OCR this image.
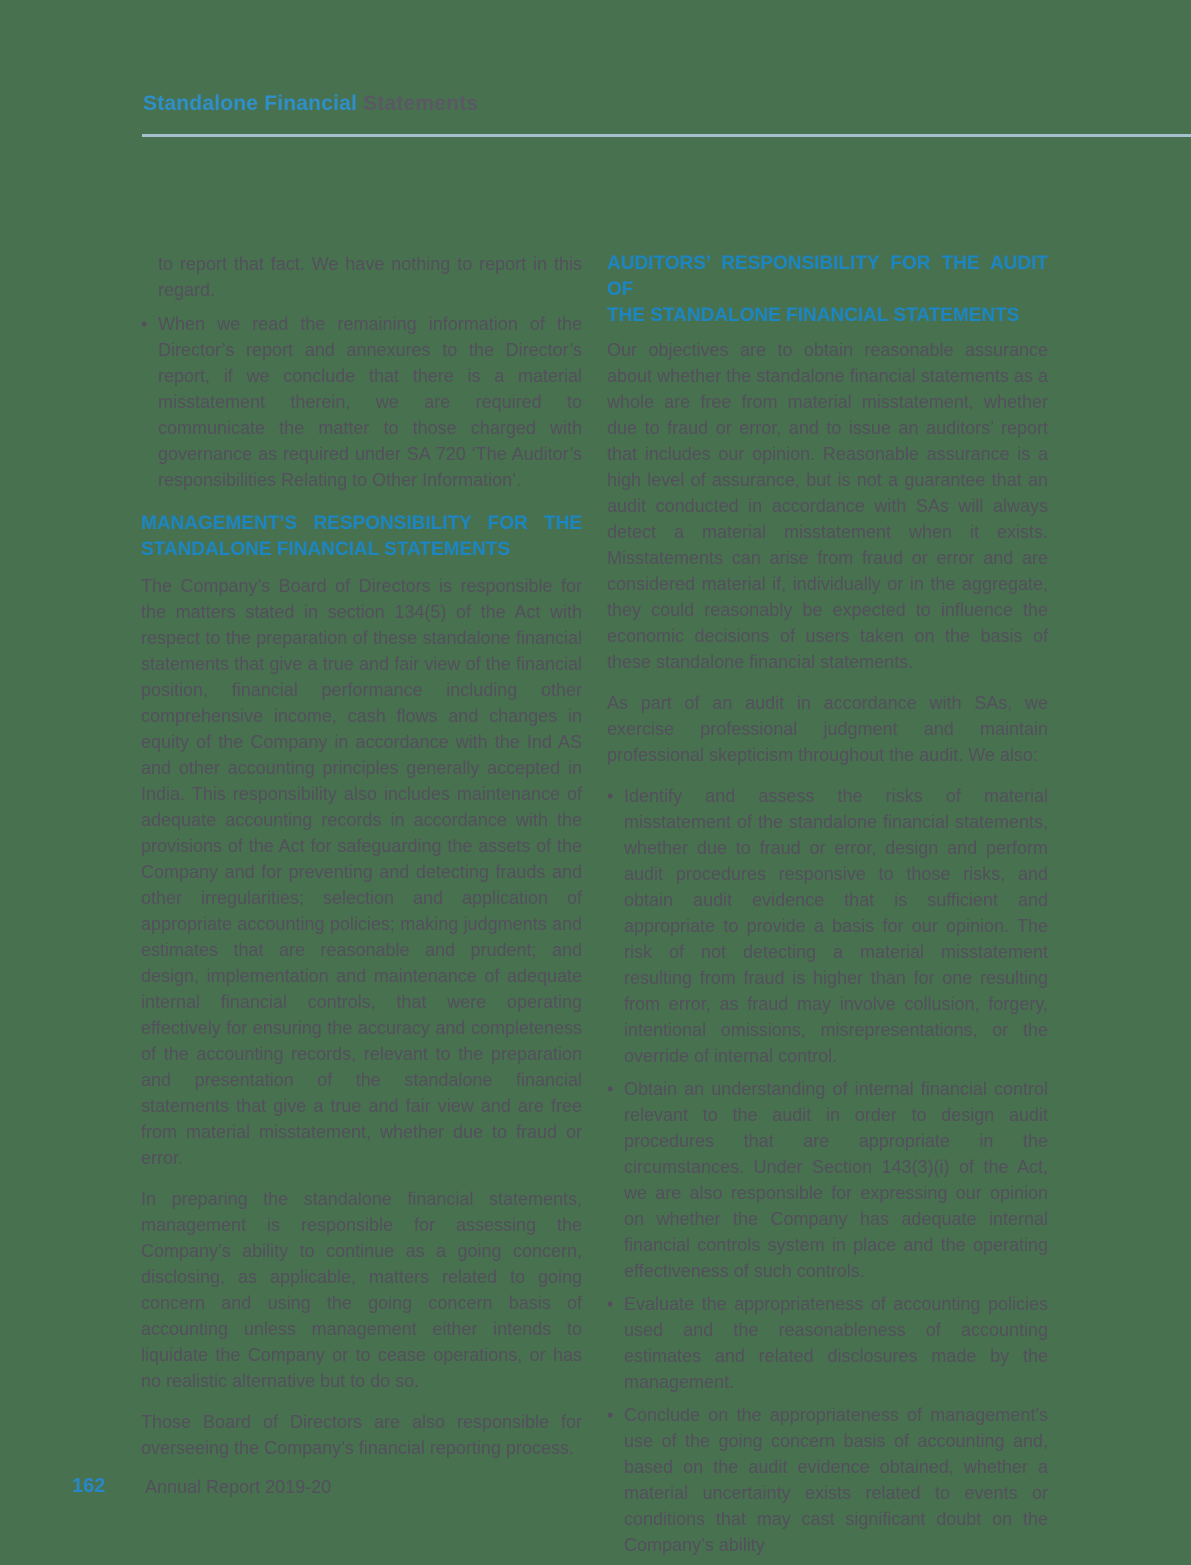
Standalone Financial Statements

to report that fact. We have nothing to report in this regard.

• When we read the remaining information of the Director’s report and annexures to the Director’s report, if we conclude that there is a material misstatement therein, we are required to communicate the matter to those charged with governance as required under SA 720 ‘The Auditor’s responsibilities Relating to Other Information’.
MANAGEMENT’S RESPONSIBILITY FOR THE
STANDALONE FINANCIAL STATEMENTS

The Company’s Board of Directors is responsible for the matters stated in section 134(5) of the Act with respect to the preparation of these standalone financial statements that give a true and fair view of the financial position, financial performance including other comprehensive income, cash flows and changes in equity of the Company in accordance with the Ind AS and other accounting principles generally accepted in India. This responsibility also includes maintenance of adequate accounting records in accordance with the provisions of the Act for safeguarding the assets of the Company and for preventing and detecting frauds and other irregularities; selection and application of appropriate accounting policies; making judgments and estimates that are reasonable and prudent; and design, implementation and maintenance of adequate internal financial controls, that were operating effectively for ensuring the accuracy and completeness of the accounting records, relevant to the preparation and presentation of the standalone financial statements that give a true and fair view and are free from material misstatement, whether due to fraud or error.

In preparing the standalone financial statements, management is responsible for assessing the Company’s ability to continue as a going concern, disclosing, as applicable, matters related to going concern and using the going concern basis of accounting unless management either intends to liquidate the Company or to cease operations, or has no realistic alternative but to do so.

Those Board of Directors are also responsible for overseeing the Company’s financial reporting process.

AUDITORS’ RESPONSIBILITY FOR THE AUDIT OF
THE STANDALONE FINANCIAL STATEMENTS

Our objectives are to obtain reasonable assurance about whether the standalone financial statements as a whole are free from material misstatement, whether due to fraud or error, and to issue an auditors’ report that includes our opinion. Reasonable assurance is a high level of assurance, but is not a guarantee that an audit conducted in accordance with SAs will always detect a material misstatement when it exists. Misstatements can arise from fraud or error and are considered material if, individually or in the aggregate, they could reasonably be expected to influence the economic decisions of users taken on the basis of these standalone financial statements.

As part of an audit in accordance with SAs, we exercise professional judgment and maintain professional skepticism throughout the audit. We also:

• Identify and assess the risks of material misstatement of the standalone financial statements, whether due to fraud or error, design and perform audit procedures responsive to those risks, and obtain audit evidence that is sufficient and appropriate to provide a basis for our opinion. The risk of not detecting a material misstatement resulting from fraud is higher than for one resulting from error, as fraud may involve collusion, forgery, intentional omissions, misrepresentations, or the override of internal control.
• Obtain an understanding of internal financial control relevant to the audit in order to design audit procedures that are appropriate in the circumstances. Under Section 143(3)(i) of the Act, we are also responsible for expressing our opinion on whether the Company has adequate internal financial controls system in place and the operating effectiveness of such controls.
• Evaluate the appropriateness of accounting policies used and the reasonableness of accounting estimates and related disclosures made by the management.
• Conclude on the appropriateness of management’s use of the going concern basis of accounting and, based on the audit evidence obtained, whether a material uncertainty exists related to events or conditions that may cast significant doubt on the Company’s ability
162 Annual Report 2019-20
